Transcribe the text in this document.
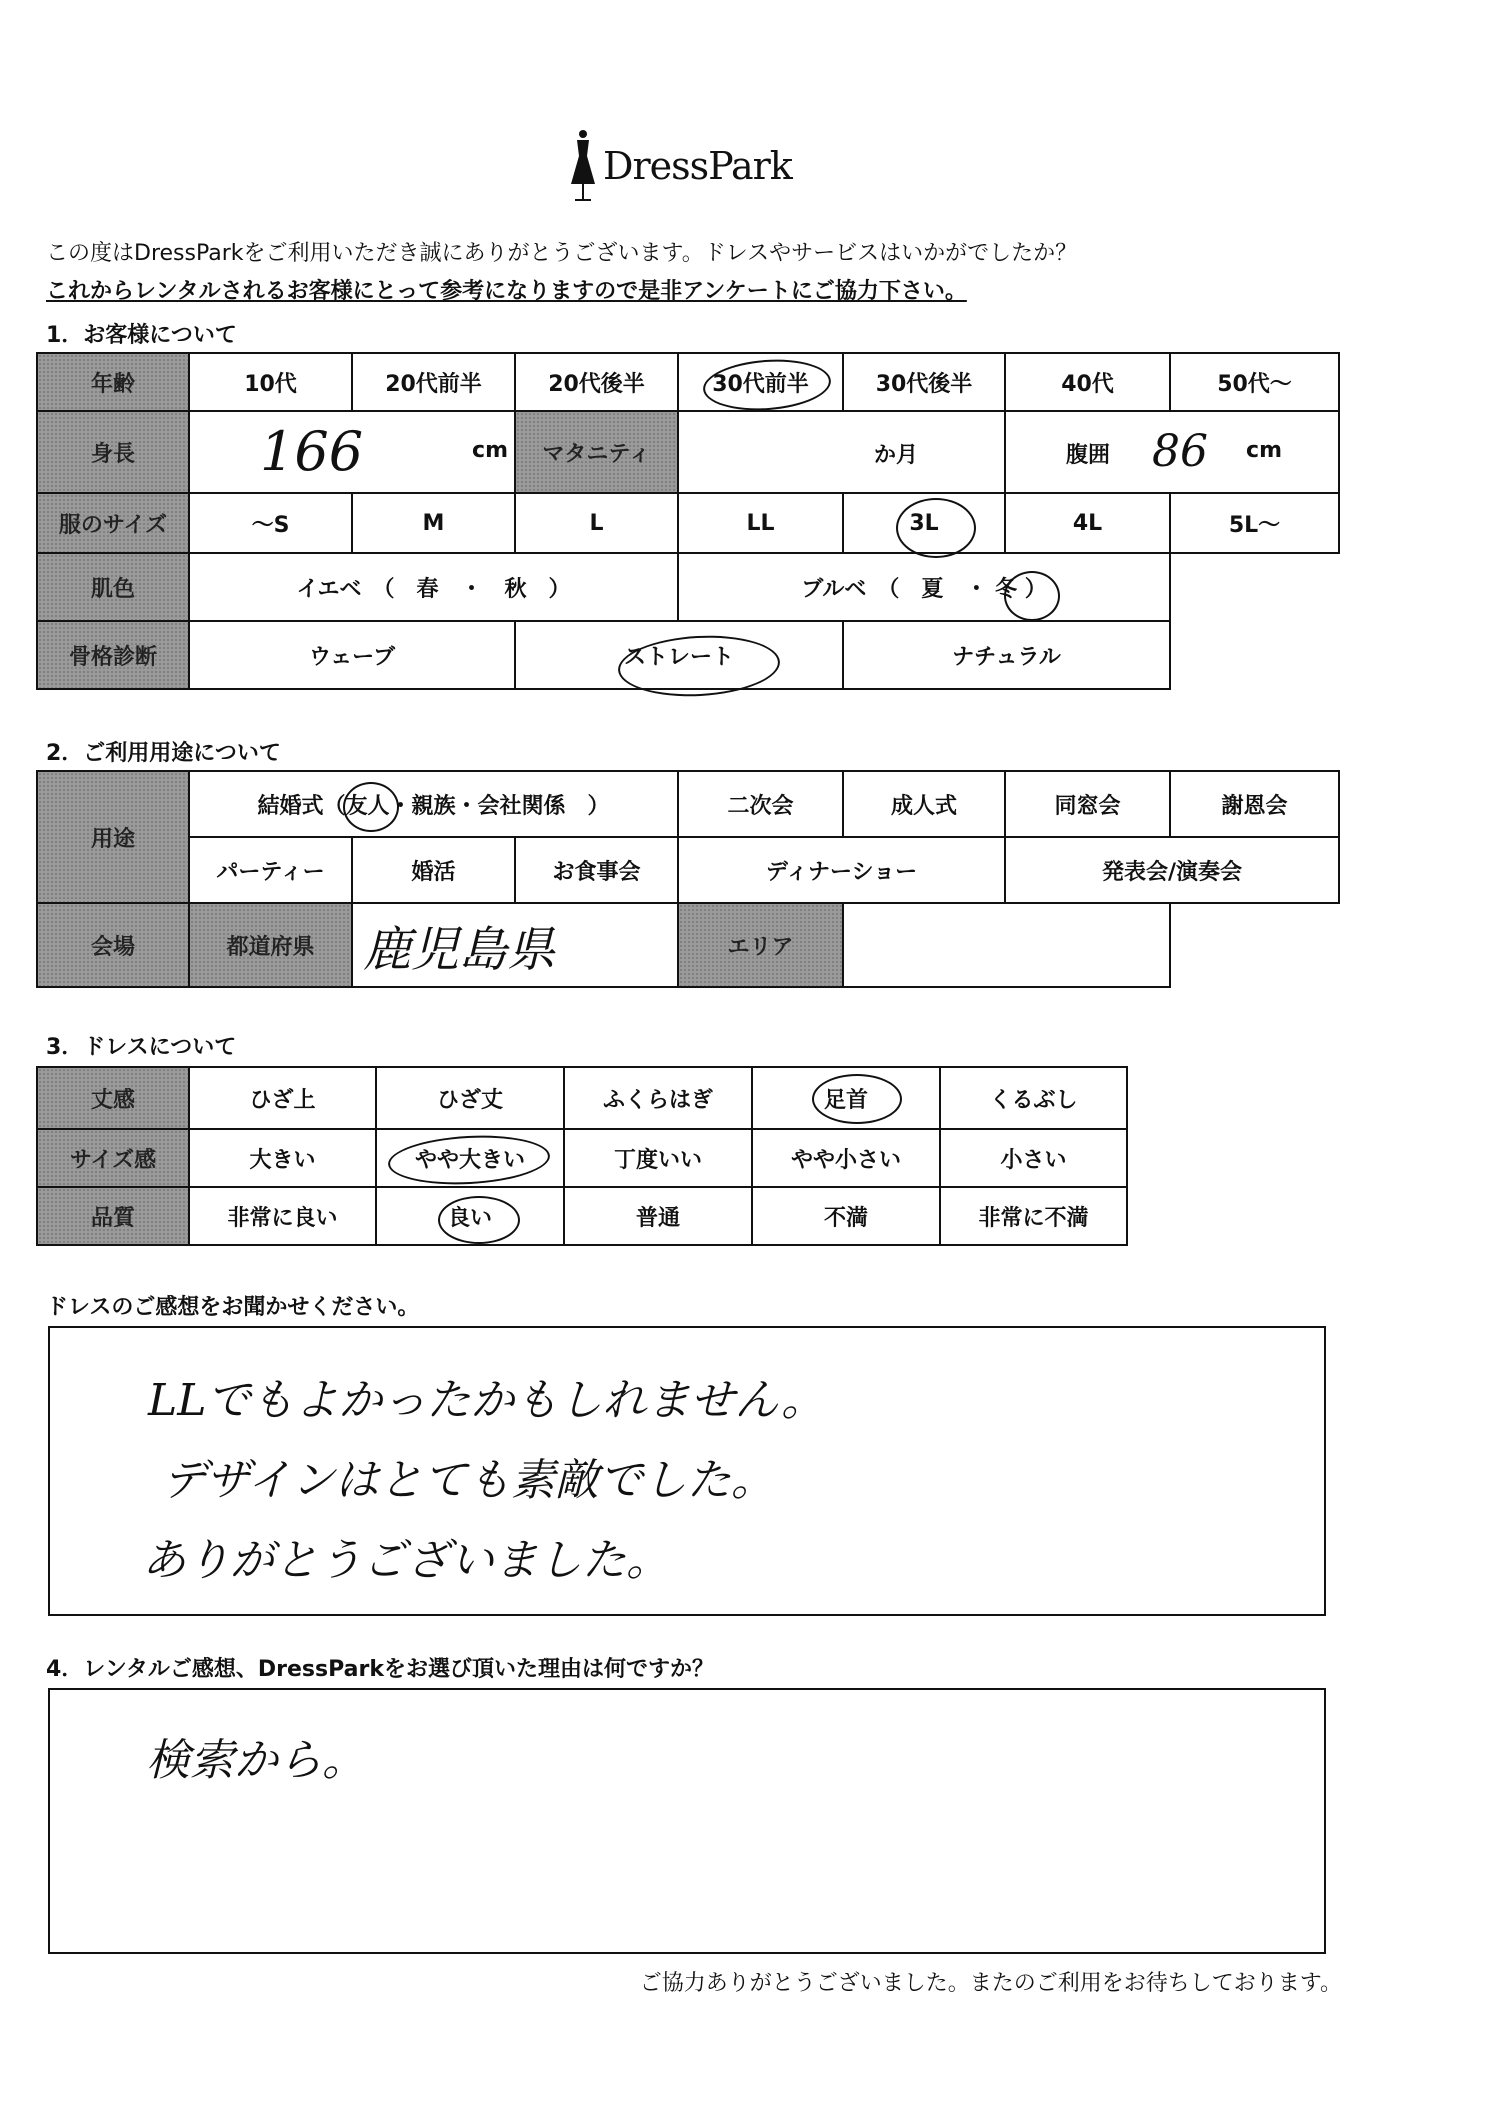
DressPark
この度はDressParkをご利用いただき誠にありがとうございます。ドレスやサービスはいかがでしたか？
これからレンタルされるお客様にとって参考になりますので是非アンケートにご協力下さい。
1．お客様について
年齢	10代	20代前半	20代後半	30代前半	30代後半	40代	50代～
身長	166 cm		マタニティ	か月		腹囲 86 cm	

服のサイズ	～S	M	L	LL	3L	4L	5L～
肌色	イエベ　（　春　・　秋　）			ブルベ　（　夏　・ 冬 ）			
骨格診断	ウェーブ		ストレート		ナチュラル		
2．ご利用用途について
用途	結婚式（友人・親族・会社関係　）			二次会	成人式	同窓会	謝恩会
	パーティー	婚活	お食事会	ディナーショー		発表会/演奏会	
会場	都道府県	鹿児島県		エリア			
3．ドレスについて
丈感	ひざ上	ひざ丈	ふくらはぎ	足首	くるぶし
サイズ感	大きい	やや大きい	丁度いい	やや小さい	小さい
品質	非常に良い	良い	普通	不満	非常に不満
ドレスのご感想をお聞かせください。
LLでもよかったかもしれません。
デザインはとても素敵でした。
ありがとうございました。
4．レンタルご感想、DressParkをお選び頂いた理由は何ですか？
検索から。
ご協力ありがとうございました。またのご利用をお待ちしております。
